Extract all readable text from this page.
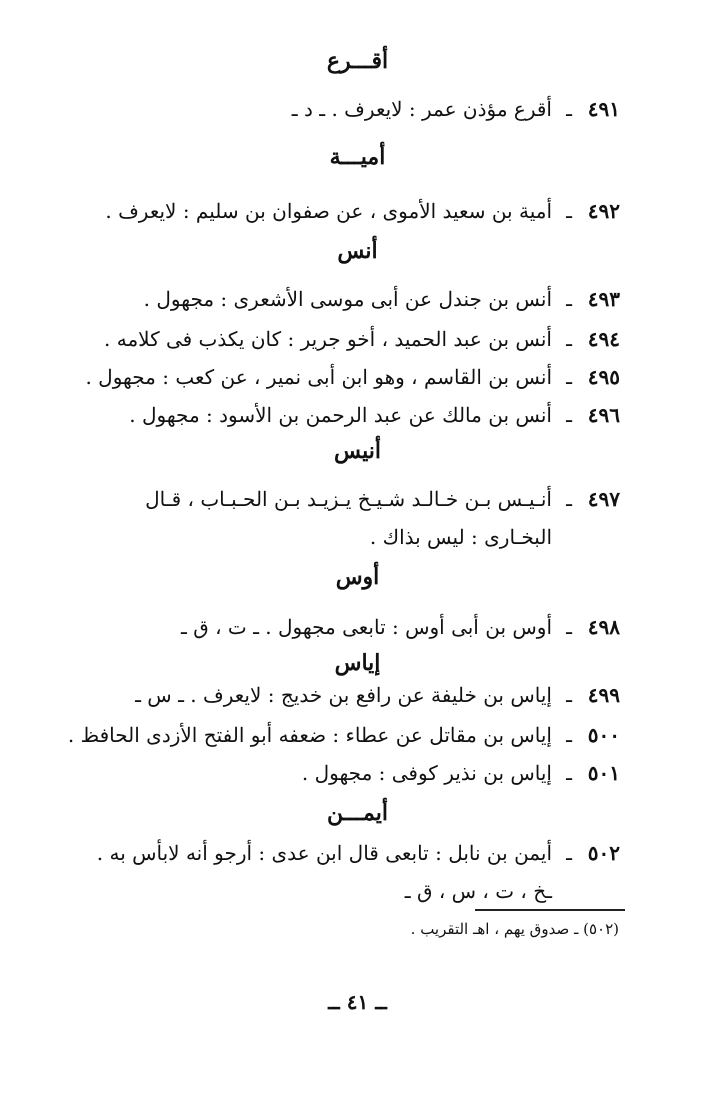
أقـــرع
٤٩١
ـ
أقرع مؤذن عمر : لايعرف . ـ د ـ
أميـــة
٤٩٢
ـ
أمية بن سعيد الأموى ، عن صفوان بن سليم : لايعرف .
أنس
٤٩٣
ـ
أنس بن جندل عن أبى موسى الأشعرى : مجهول .
٤٩٤
ـ
أنس بن عبد الحميد ، أخو جرير : كان يكذب فى كلامه .
٤٩٥
ـ
أنس بن القاسم ، وهو ابن أبى نمير ، عن كعب : مجهول .
٤٩٦
ـ
أنس بن مالك عن عبد الرحمن بن الأسود : مجهول .
أنيس
٤٩٧
ـ
أنـيـس بـن خـالـد شـيـخ يـزيـد بـن الحـبـاب ، قـال
البخـارى : ليس بذاك .
أوس
٤٩٨
ـ
أوس بن أبى أوس : تابعى مجهول . ـ ت ، ق ـ
إياس
٤٩٩
ـ
إياس بن خليفة عن رافع بن خديج : لايعرف . ـ س ـ
٥٠٠
ـ
إياس بن مقاتل عن عطاء : ضعفه أبو الفتح الأزدى الحافظ .
٥٠١
ـ
إياس بن نذير كوفى : مجهول .
أيمـــن
٥٠٢
ـ
أيمن بن نابل : تابعى قال ابن عدى : أرجو أنه لابأس به .
ـخ ، ت ، س ، ق ـ
(٥٠٢) ـ صدوق يهم ، اهـ التقريب .
ــ ٤١ ــ
